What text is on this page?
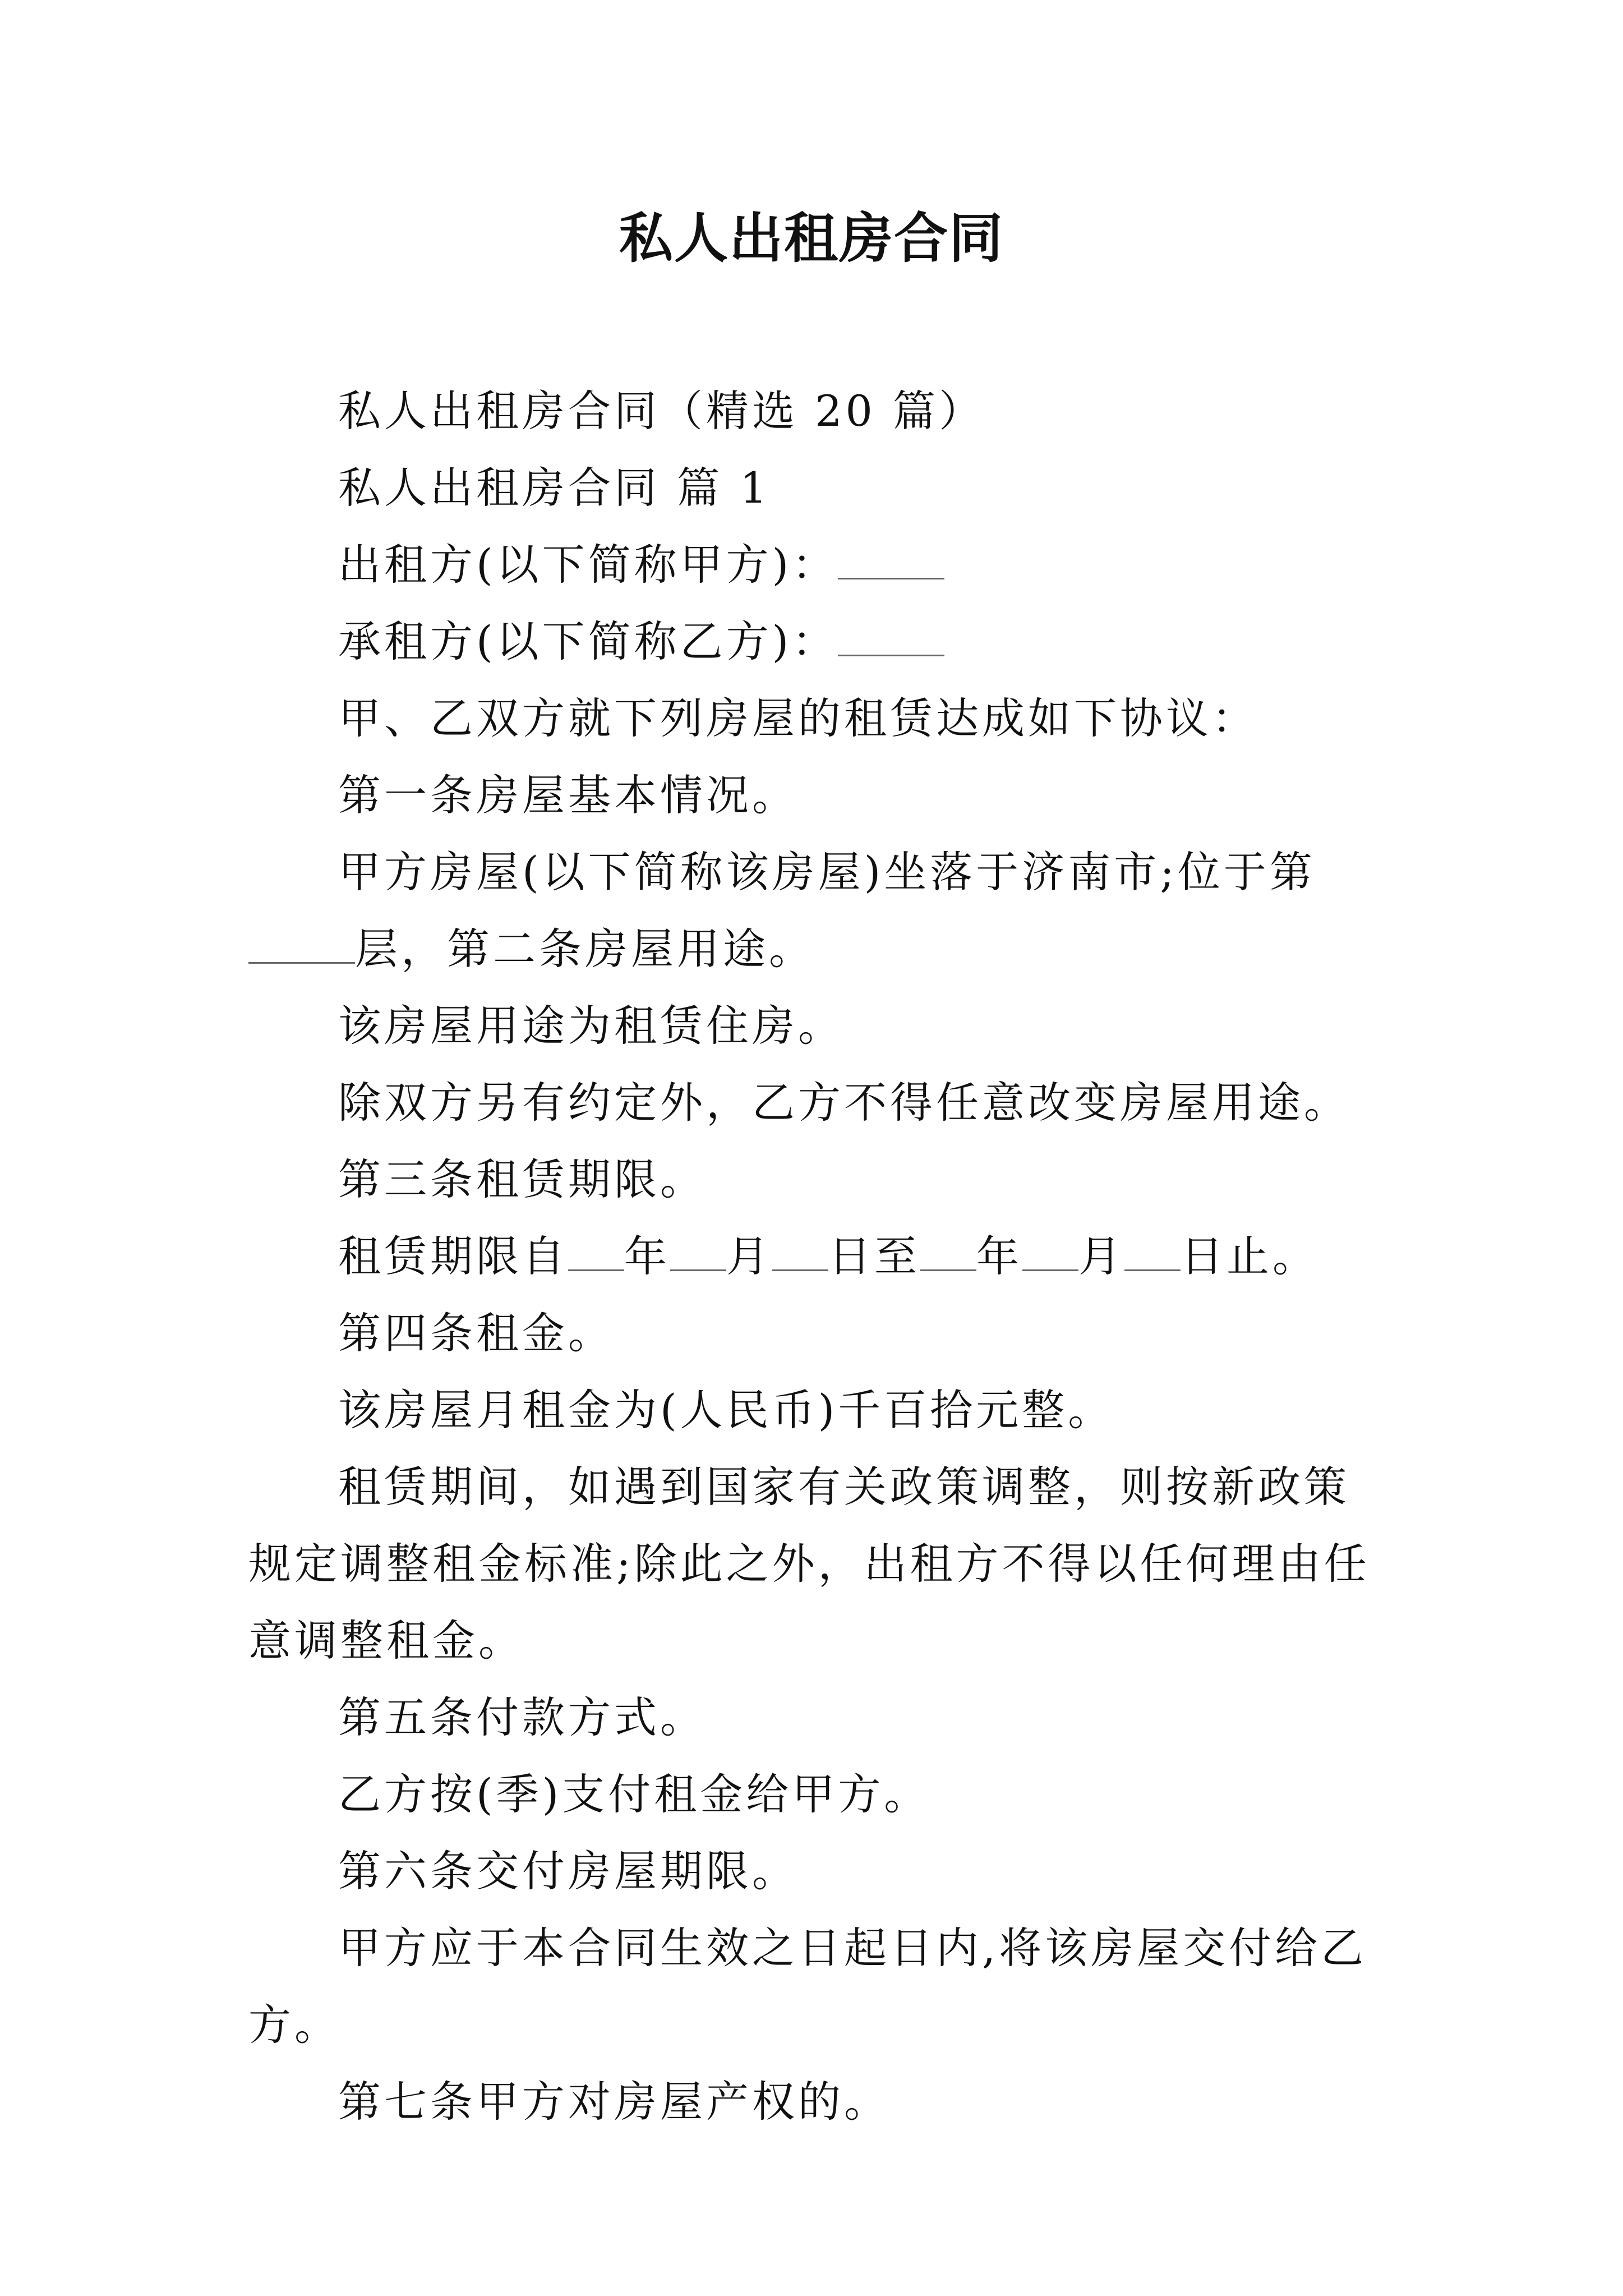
私人出租房合同

私人出租房合同（精选 20 篇）

私人出租房合同 篇 1

出租方(以下简称甲方)：

承租方(以下简称乙方)：

甲、乙双方就下列房屋的租赁达成如下协议：

第一条房屋基本情况。

甲方房屋(以下简称该房屋)坐落于济南市;位于第层，第二条房屋用途。

该房屋用途为租赁住房。

除双方另有约定外，乙方不得任意改变房屋用途。

第三条租赁期限。

租赁期限自 年 月 日至 年 月 日止。

第四条租金。

该房屋月租金为(人民币)千百拾元整。

租赁期间，如遇到国家有关政策调整，则按新政策规定调整租金标准;除此之外，出租方不得以任何理由任意调整租金。

第五条付款方式。

乙方按(季)支付租金给甲方。

第六条交付房屋期限。

甲方应于本合同生效之日起日内,将该房屋交付给乙方。

第七条甲方对房屋产权的。
